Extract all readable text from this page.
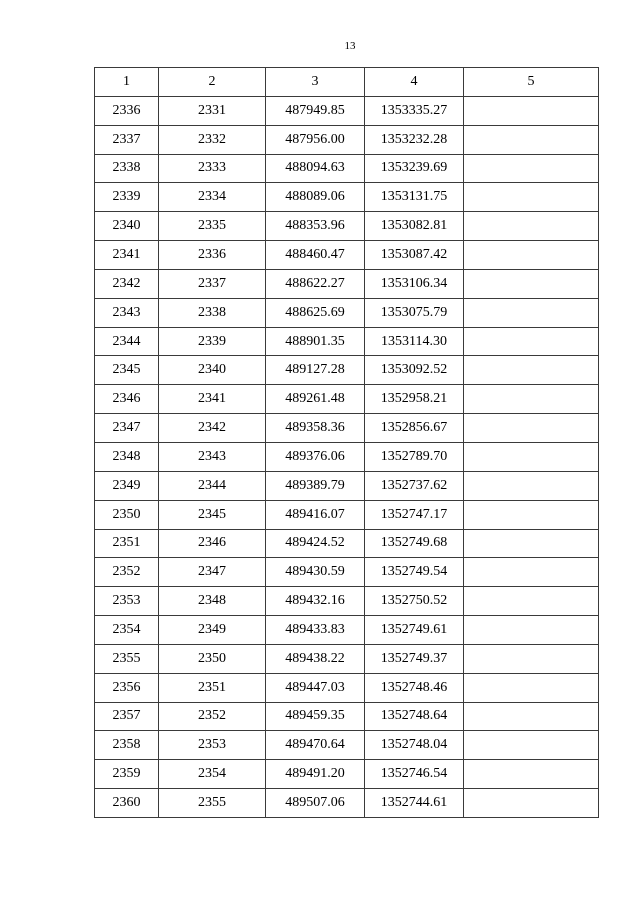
13
1	2	3	4	5
2336	2331	487949.85	1353335.27	
2337	2332	487956.00	1353232.28	
2338	2333	488094.63	1353239.69	
2339	2334	488089.06	1353131.75	
2340	2335	488353.96	1353082.81	
2341	2336	488460.47	1353087.42	
2342	2337	488622.27	1353106.34	
2343	2338	488625.69	1353075.79	
2344	2339	488901.35	1353114.30	
2345	2340	489127.28	1353092.52	
2346	2341	489261.48	1352958.21	
2347	2342	489358.36	1352856.67	
2348	2343	489376.06	1352789.70	
2349	2344	489389.79	1352737.62	
2350	2345	489416.07	1352747.17	
2351	2346	489424.52	1352749.68	
2352	2347	489430.59	1352749.54	
2353	2348	489432.16	1352750.52	
2354	2349	489433.83	1352749.61	
2355	2350	489438.22	1352749.37	
2356	2351	489447.03	1352748.46	
2357	2352	489459.35	1352748.64	
2358	2353	489470.64	1352748.04	
2359	2354	489491.20	1352746.54	
2360	2355	489507.06	1352744.61	
